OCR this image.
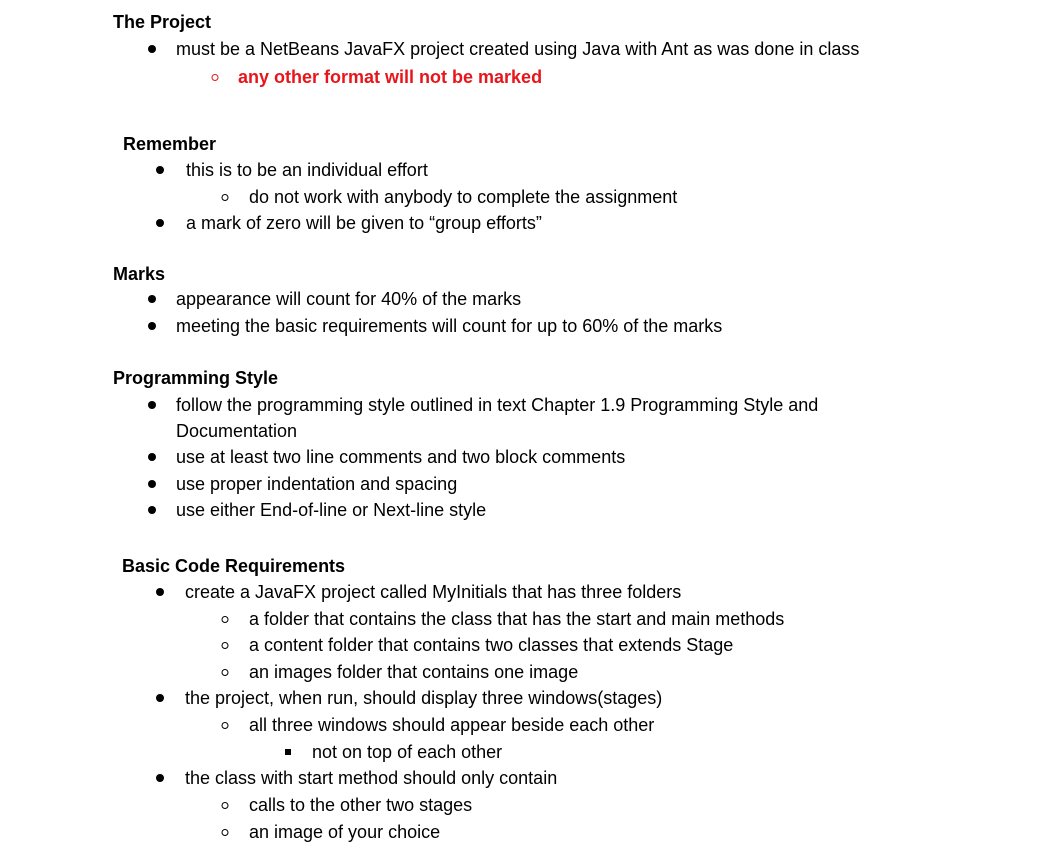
The Project
must be a NetBeans JavaFX project created using Java with Ant as was done in class
any other format will not be marked
Remember
this is to be an individual effort
do not work with anybody to complete the assignment
a mark of zero will be given to “group efforts”
Marks
appearance will count for 40% of the marks
meeting the basic requirements will count for up to 60% of the marks
Programming Style
follow the programming style outlined in text Chapter 1.9 Programming Style and
Documentation
use at least two line comments and two block comments
use proper indentation and spacing
use either End-of-line or Next-line style
Basic Code Requirements
create a JavaFX project called MyInitials that has three folders
a folder that contains the class that has the start and main methods
a content folder that contains two classes that extends Stage
an images folder that contains one image
the project, when run, should display three windows(stages)
all three windows should appear beside each other
not on top of each other
the class with start method should only contain
calls to the other two stages
an image of your choice
